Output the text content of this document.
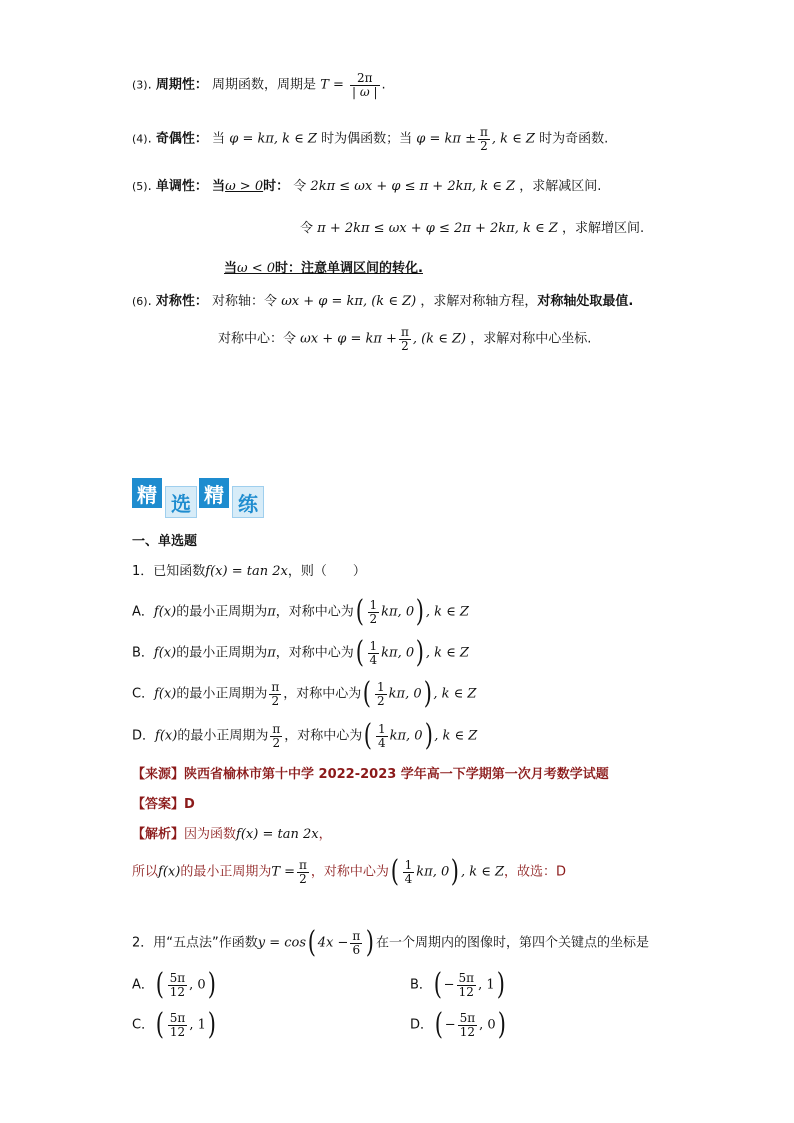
(3). 周期性： 周期函数，周期是 $T = \frac{2\pi}{| \omega |}$ .
(4). 奇偶性： 当 φ = kπ, k ∈ Z 时为偶函数；当 $\varphi = k\pi \pm \frac{\pi}{2}$ , k ∈ Z 时为奇函数.
(5). 单调性： 当ω > 0时： 令 2kπ ≤ ωx + φ ≤ π + 2kπ, k ∈ Z ，求解减区间.
令 π + 2kπ ≤ ωx + φ ≤ 2π + 2kπ, k ∈ Z ，求解增区间.
当ω < 0时：注意单调区间的转化.
(6). 对称性： 对称轴：令 ωx + φ = kπ, (k ∈ Z) ，求解对称轴方程，对称轴处取最值.
对称中心：令 $\omega x + \varphi = k\pi + \frac{\pi}{2}$ , (k ∈ Z) ，求解对称中心坐标.
精 选 精 练
一、单选题
1．已知函数f(x) = tan 2x，则（　　）
A．f(x)的最小正周期为π，对称中心为( $\frac{1}{2} k\pi$, 0) , k ∈ Z
B．f(x)的最小正周期为π，对称中心为( $\frac{1}{4} k\pi$, 0) , k ∈ Z
C．f(x)的最小正周期为 $\frac{\pi}{2}$ ，对称中心为( $\frac{1}{2} k\pi$, 0) , k ∈ Z
D．f(x)的最小正周期为 $\frac{\pi}{2}$ ，对称中心为( $\frac{1}{4} k\pi$, 0) , k ∈ Z
【来源】陕西省榆林市第十中学 2022-2023 学年高一下学期第一次月考数学试题
【答案】D
【解析】因为函数f(x) = tan 2x，
所以f(x)的最小正周期为$T = \frac{\pi}{2}$ ，对称中心为( $\frac{1}{4} k\pi$, 0) , k ∈ Z，故选：D
2．用“五点法”作函数y = cos( $4x - \frac{\pi}{6}$ ) 在一个周期内的图像时，第四个关键点的坐标是
A．( $\frac{5\pi}{12}$ , 0)	B．( − $\frac{5\pi}{12}$ , 1)
C．( $\frac{5\pi}{12}$ , 1)	D．( − $\frac{5\pi}{12}$ , 0)
